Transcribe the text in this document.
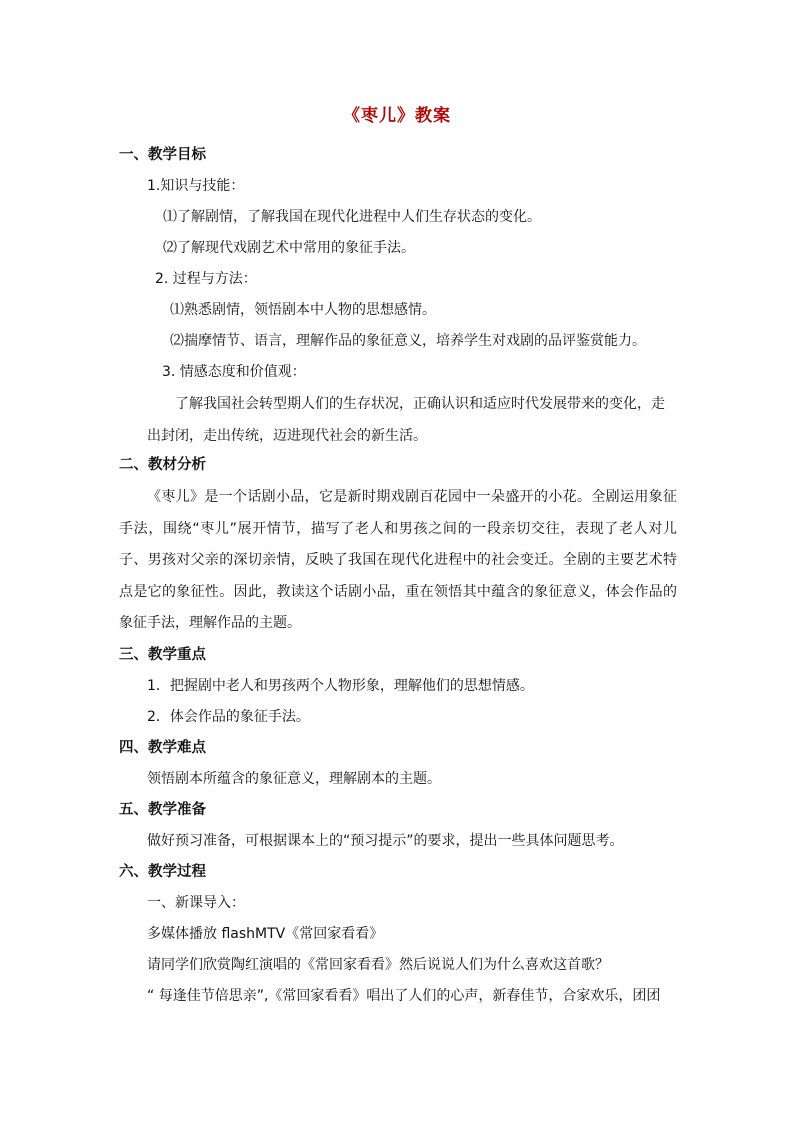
《枣儿》教案
一、教学目标
1.知识与技能：
⑴了解剧情，了解我国在现代化进程中人们生存状态的变化。
⑵了解现代戏剧艺术中常用的象征手法。
2. 过程与方法：
⑴熟悉剧情，领悟剧本中人物的思想感情。
⑵揣摩情节、语言，理解作品的象征意义，培养学生对戏剧的品评鉴赏能力。
3. 情感态度和价值观：
了解我国社会转型期人们的生存状况，正确认识和适应时代发展带来的变化，走出封闭，走出传统，迈进现代社会的新生活。
二、教材分析
《枣儿》是一个话剧小品，它是新时期戏剧百花园中一朵盛开的小花。全剧运用象征手法，围绕“枣儿”展开情节，描写了老人和男孩之间的一段亲切交往，表现了老人对儿子、男孩对父亲的深切亲情，反映了我国在现代化进程中的社会变迁。全剧的主要艺术特点是它的象征性。因此，教读这个话剧小品，重在领悟其中蕴含的象征意义，体会作品的象征手法，理解作品的主题。
三、教学重点
1．把握剧中老人和男孩两个人物形象，理解他们的思想情感。
2．体会作品的象征手法。
四、教学难点
领悟剧本所蕴含的象征意义，理解剧本的主题。
五、教学准备
做好预习准备，可根据课本上的“预习提示”的要求，提出一些具体问题思考。
六、教学过程
一、新课导入：
多媒体播放 flashMTV《常回家看看》
请同学们欣赏陶红演唱的《常回家看看》然后说说人们为什么喜欢这首歌？
“ 每逢佳节倍思亲”,《常回家看看》唱出了人们的心声，新春佳节，合家欢乐，团团
